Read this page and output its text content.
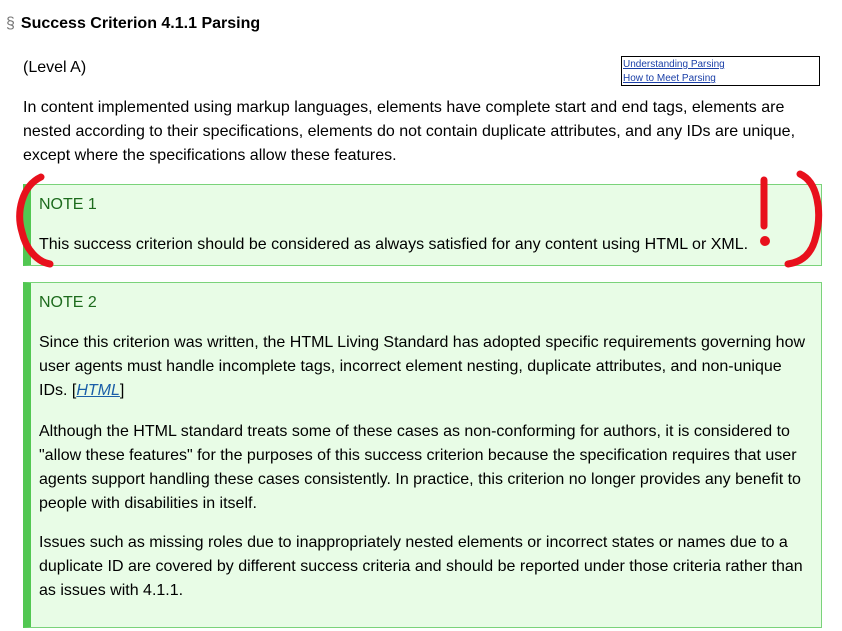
§ Success Criterion 4.1.1 Parsing
(Level A)	Understanding Parsing
How to Meet Parsing
In content implemented using markup languages, elements have complete start and end tags, elements are nested according to their specifications, elements do not contain duplicate attributes, and any IDs are unique, except where the specifications allow these features.
NOTE 1
This success criterion should be considered as always satisfied for any content using HTML or XML.
NOTE 2
Since this criterion was written, the HTML Living Standard has adopted specific requirements governing how user agents must handle incomplete tags, incorrect element nesting, duplicate attributes, and non-unique IDs. [HTML]
Although the HTML standard treats some of these cases as non-conforming for authors, it is considered to "allow these features" for the purposes of this success criterion because the specification requires that user agents support handling these cases consistently. In practice, this criterion no longer provides any benefit to people with disabilities in itself.
Issues such as missing roles due to inappropriately nested elements or incorrect states or names due to a duplicate ID are covered by different success criteria and should be reported under those criteria rather than as issues with 4.1.1.
